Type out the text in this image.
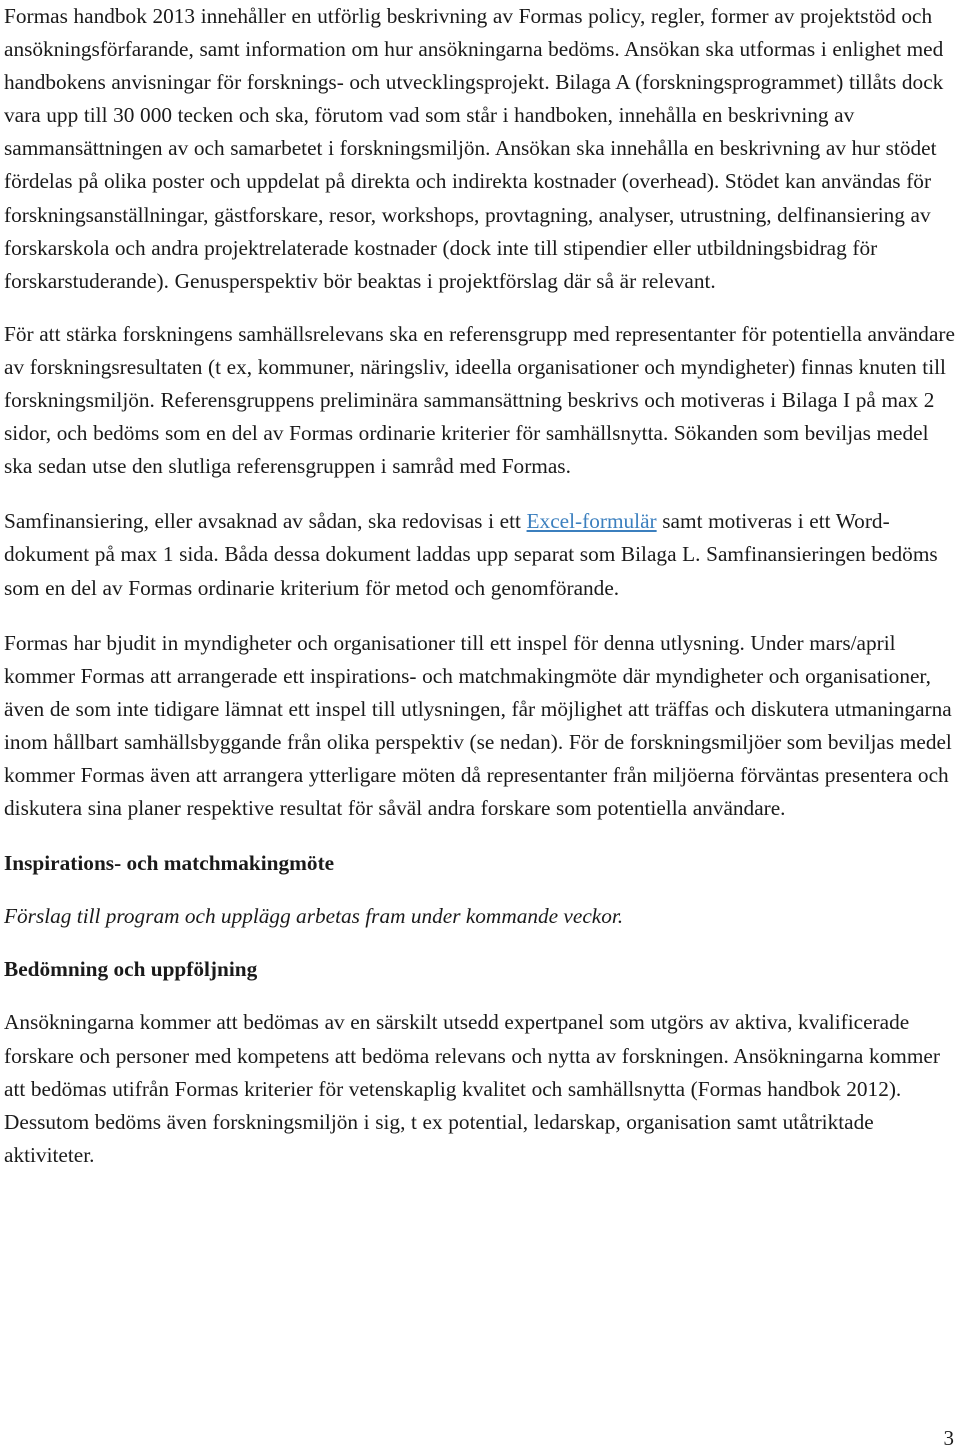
Formas handbok 2013 innehåller en utförlig beskrivning av Formas policy, regler, former av projektstöd och ansökningsförfarande, samt information om hur ansökningarna bedöms. Ansökan ska utformas i enlighet med handbokens anvisningar för forsknings- och utvecklingsprojekt. Bilaga A (forskningsprogrammet) tillåts dock vara upp till 30 000 tecken och ska, förutom vad som står i handboken, innehålla en beskrivning av sammansättningen av och samarbetet i forskningsmiljön. Ansökan ska innehålla en beskrivning av hur stödet fördelas på olika poster och uppdelat på direkta och indirekta kostnader (overhead). Stödet kan användas för forskningsanställningar, gästforskare, resor, workshops, provtagning, analyser, utrustning, delfinansiering av forskarskola och andra projektrelaterade kostnader (dock inte till stipendier eller utbildningsbidrag för forskarstuderande). Genusperspektiv bör beaktas i projektförslag där så är relevant.

För att stärka forskningens samhällsrelevans ska en referensgrupp med representanter för potentiella användare av forskningsresultaten (t ex, kommuner, näringsliv, ideella organisationer och myndigheter) finnas knuten till forskningsmiljön. Referensgruppens preliminära sammansättning beskrivs och motiveras i Bilaga I på max 2 sidor, och bedöms som en del av Formas ordinarie kriterier för samhällsnytta. Sökanden som beviljas medel ska sedan utse den slutliga referensgruppen i samråd med Formas.

Samfinansiering, eller avsaknad av sådan, ska redovisas i ett Excel-formulär samt motiveras i ett Word-dokument på max 1 sida. Båda dessa dokument laddas upp separat som Bilaga L. Samfinansieringen bedöms som en del av Formas ordinarie kriterium för metod och genomförande.

Formas har bjudit in myndigheter och organisationer till ett inspel för denna utlysning. Under mars/april kommer Formas att arrangerade ett inspirations- och matchmakingmöte där myndigheter och organisationer, även de som inte tidigare lämnat ett inspel till utlysningen, får möjlighet att träffas och diskutera utmaningarna inom hållbart samhällsbyggande från olika perspektiv (se nedan). För de forskningsmiljöer som beviljas medel kommer Formas även att arrangera ytterligare möten då representanter från miljöerna förväntas presentera och diskutera sina planer respektive resultat för såväl andra forskare som potentiella användare.

Inspirations- och matchmakingmöte

Förslag till program och upplägg arbetas fram under kommande veckor.

Bedömning och uppföljning

Ansökningarna kommer att bedömas av en särskilt utsedd expertpanel som utgörs av aktiva, kvalificerade forskare och personer med kompetens att bedöma relevans och nytta av forskningen. Ansökningarna kommer att bedömas utifrån Formas kriterier för vetenskaplig kvalitet och samhällsnytta (Formas handbok 2012). Dessutom bedöms även forskningsmiljön i sig, t ex potential, ledarskap, organisation samt utåtriktade aktiviteter.

3
